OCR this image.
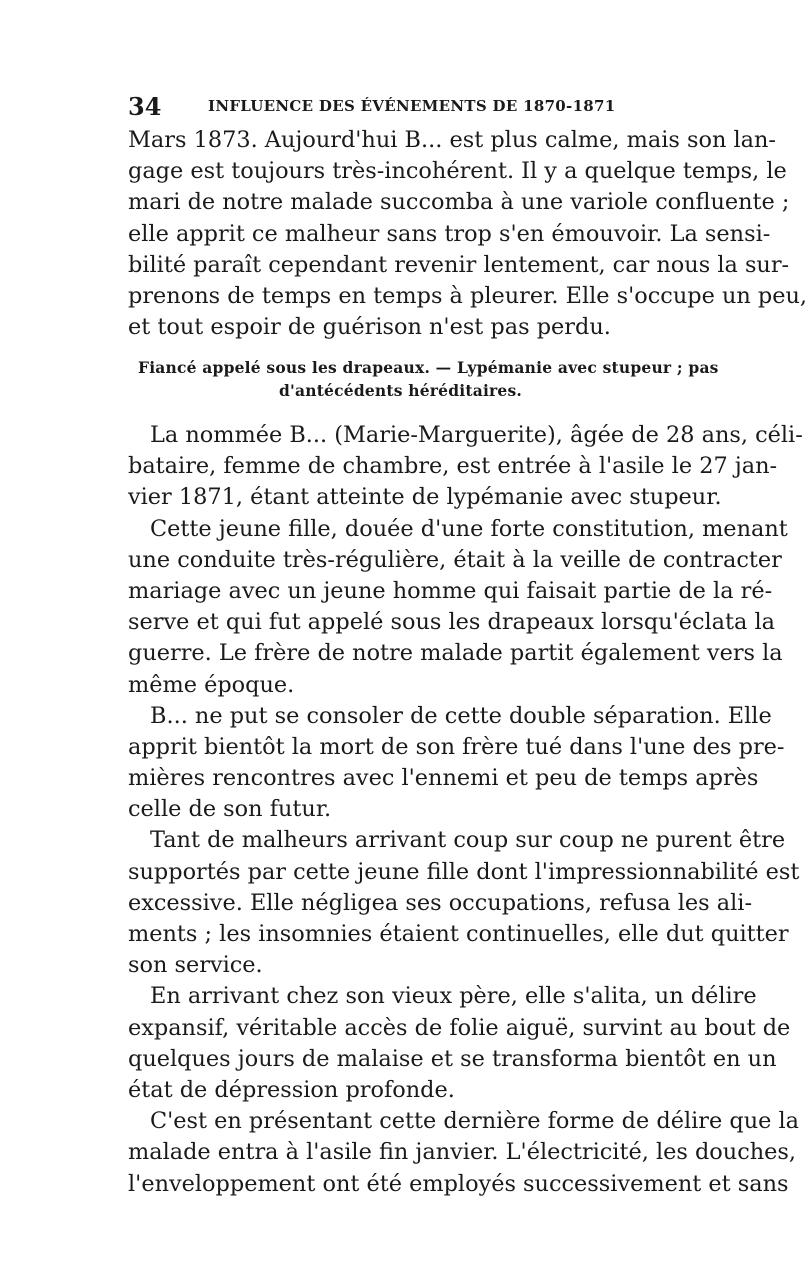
34	INFLUENCE DES ÉVÉNEMENTS DE 1870-1871
Mars 1873. Aujourd'hui B... est plus calme, mais son lan-
gage est toujours très-incohérent. Il y a quelque temps, le
mari de notre malade succomba à une variole confluente ;
elle apprit ce malheur sans trop s'en émouvoir. La sensi-
bilité paraît cependant revenir lentement, car nous la sur-
prenons de temps en temps à pleurer. Elle s'occupe un peu,
et tout espoir de guérison n'est pas perdu.
Fiancé appelé sous les drapeaux. — Lypémanie avec stupeur ; pas
d'antécédents héréditaires.
La nommée B... (Marie-Marguerite), âgée de 28 ans, céli-
bataire, femme de chambre, est entrée à l'asile le 27 jan-
vier 1871, étant atteinte de lypémanie avec stupeur.
Cette jeune fille, douée d'une forte constitution, menant
une conduite très-régulière, était à la veille de contracter
mariage avec un jeune homme qui faisait partie de la ré-
serve et qui fut appelé sous les drapeaux lorsqu'éclata la
guerre. Le frère de notre malade partit également vers la
même époque.
B... ne put se consoler de cette double séparation. Elle
apprit bientôt la mort de son frère tué dans l'une des pre-
mières rencontres avec l'ennemi et peu de temps après
celle de son futur.
Tant de malheurs arrivant coup sur coup ne purent être
supportés par cette jeune fille dont l'impressionnabilité est
excessive. Elle négligea ses occupations, refusa les ali-
ments ; les insomnies étaient continuelles, elle dut quitter
son service.
En arrivant chez son vieux père, elle s'alita, un délire
expansif, véritable accès de folie aiguë, survint au bout de
quelques jours de malaise et se transforma bientôt en un
état de dépression profonde.
C'est en présentant cette dernière forme de délire que la
malade entra à l'asile fin janvier. L'électricité, les douches,
l'enveloppement ont été employés successivement et sans
